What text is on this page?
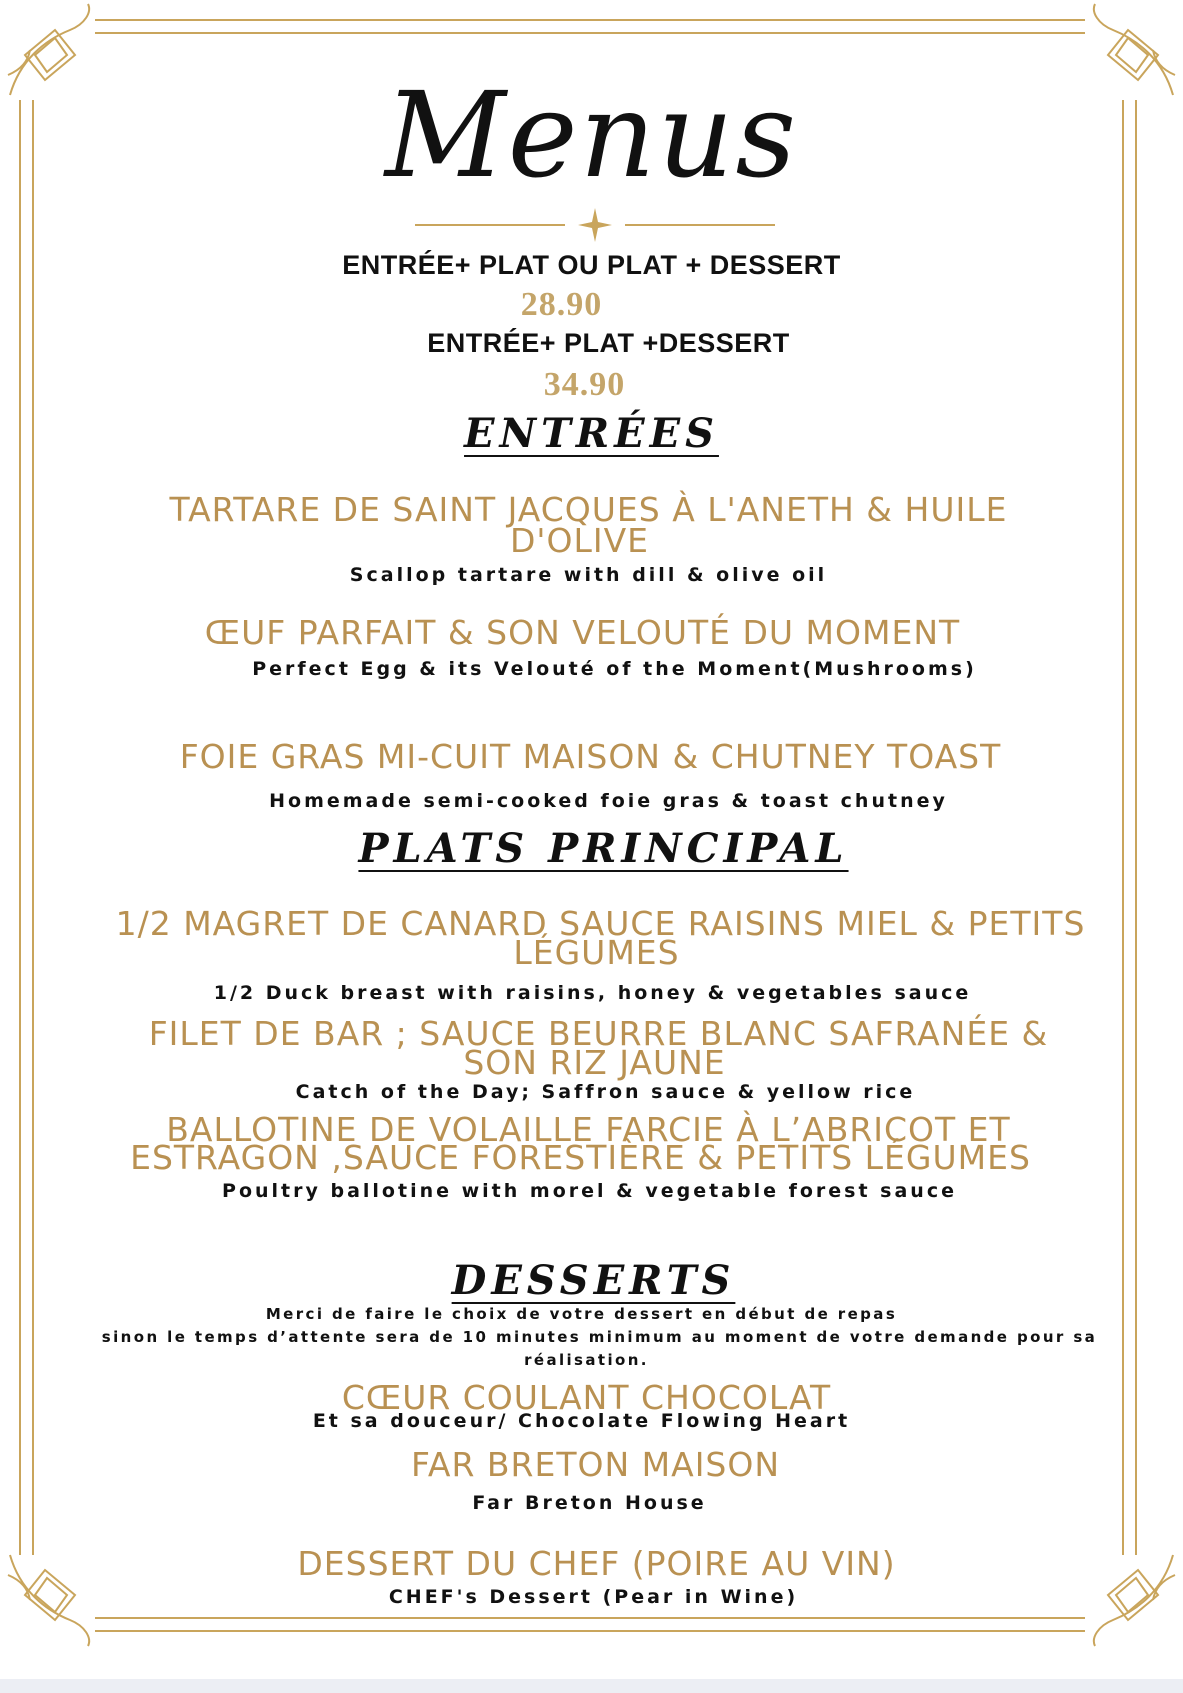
Menus
ENTRÉE+ PLAT OU PLAT + DESSERT
28.90
ENTRÉE+ PLAT +DESSERT
34.90
ENTRÉES
TARTARE DE SAINT JACQUES À L'ANETH & HUILE
D'OLIVE
Scallop tartare with dill & olive oil
ŒUF PARFAIT & SON VELOUTÉ DU MOMENT
Perfect Egg & its Velouté of the Moment(Mushrooms)
FOIE GRAS MI-CUIT MAISON & CHUTNEY TOAST
Homemade semi-cooked foie gras & toast chutney
PLATS PRINCIPAL
1/2 MAGRET DE CANARD SAUCE RAISINS MIEL & PETITS
LÉGUMES
1/2 Duck breast with raisins, honey & vegetables sauce
FILET DE BAR ; SAUCE BEURRE BLANC SAFRANÉE &
SON RIZ JAUNE
Catch of the Day; Saffron sauce & yellow rice
BALLOTINE DE VOLAILLE FARCIE À L’ABRICOT ET
ESTRAGON ,SAUCE FORESTIÈRE & PETITS LÉGUMES
Poultry ballotine with morel & vegetable forest sauce
DESSERTS
Merci de faire le choix de votre dessert en début de repas
sinon le temps d’attente sera de 10 minutes minimum au moment de votre demande pour sa
réalisation.
CŒUR COULANT CHOCOLAT
Et sa douceur/ Chocolate Flowing Heart
FAR BRETON MAISON
Far Breton House
DESSERT DU CHEF (POIRE AU VIN)
CHEF's Dessert (Pear in Wine)
